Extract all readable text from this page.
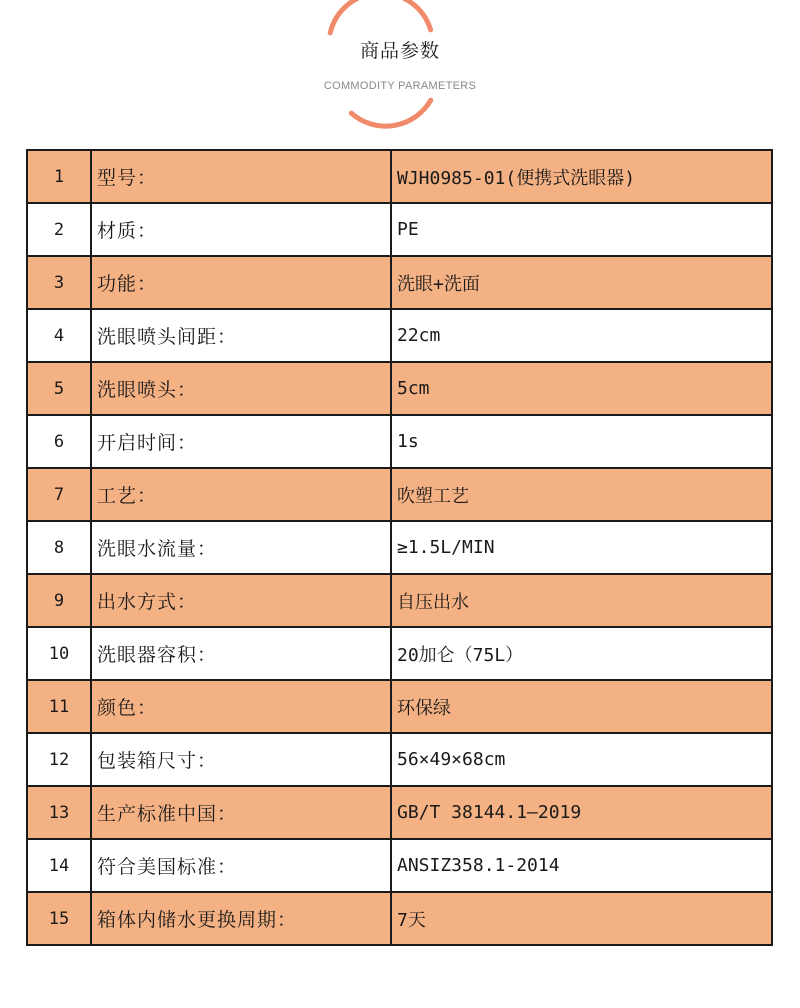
商品参数
COMMODITY PARAMETERS
1	型号：	WJH0985-01(便携式洗眼器)
2	材质：	PE
3	功能：	洗眼+洗面
4	洗眼喷头间距：	22cm
5	洗眼喷头：	5cm
6	开启时间：	1s
7	工艺：	吹塑工艺
8	洗眼水流量：	≥1.5L/MIN
9	出水方式：	自压出水
10	洗眼器容积：	20加仑（75L）
11	颜色：	环保绿
12	包装箱尺寸：	56×49×68cm
13	生产标准中国：	GB/T 38144.1—2019
14	符合美国标准：	ANSIZ358.1-2014
15	箱体内储水更换周期：	7天
